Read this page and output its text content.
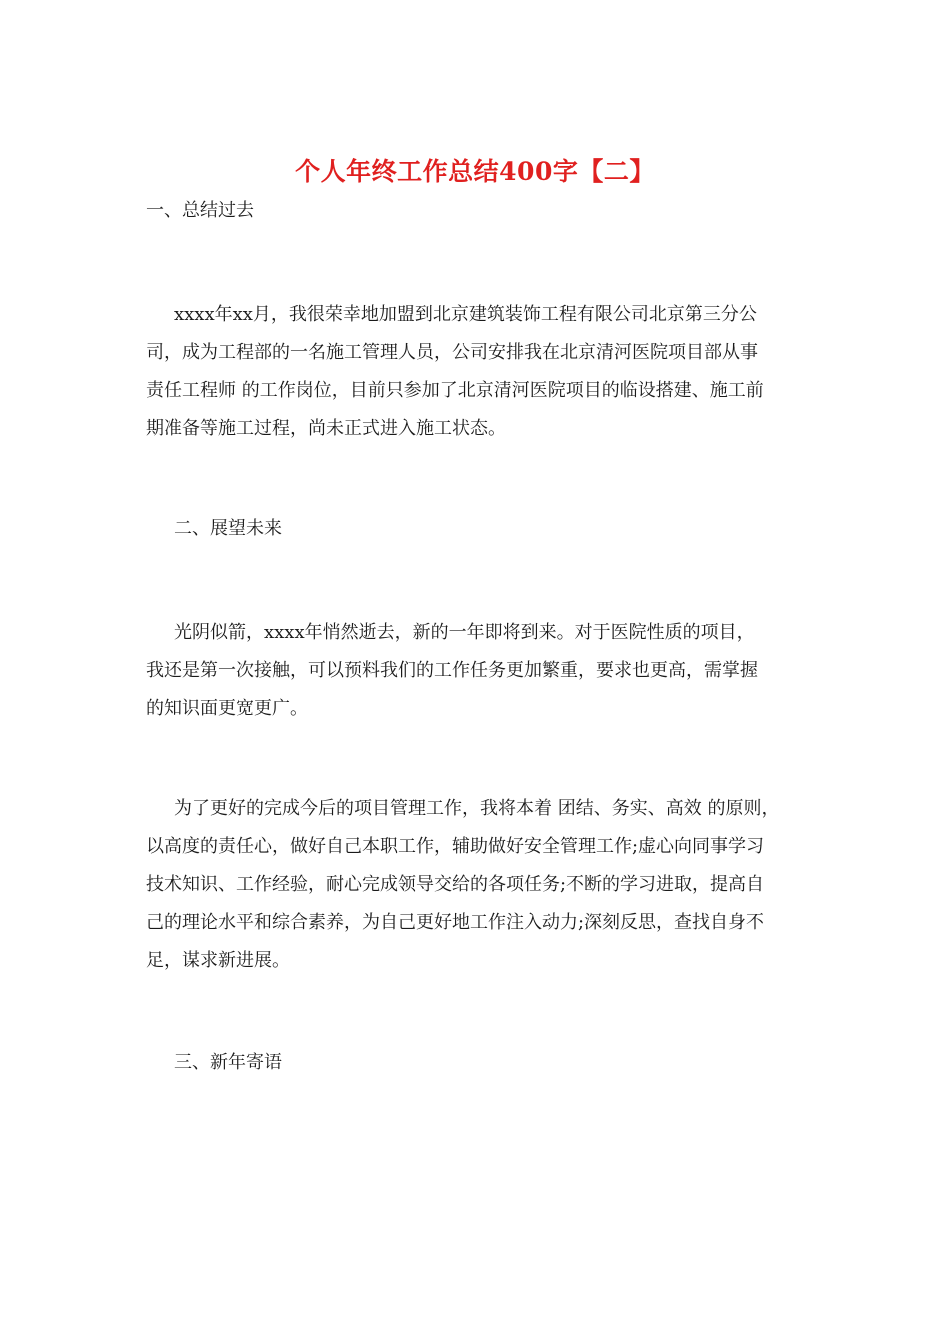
个人年终工作总结400字【二】
一、总结过去
xxxx年xx月，我很荣幸地加盟到北京建筑装饰工程有限公司北京第三分公
司，成为工程部的一名施工管理人员，公司安排我在北京清河医院项目部从事
责任工程师 的工作岗位，目前只参加了北京清河医院项目的临设搭建、施工前
期准备等施工过程，尚未正式进入施工状态。
二、展望未来
光阴似箭，xxxx年悄然逝去，新的一年即将到来。对于医院性质的项目，
我还是第一次接触，可以预料我们的工作任务更加繁重，要求也更高，需掌握
的知识面更宽更广。
为了更好的完成今后的项目管理工作，我将本着 团结、务实、高效 的原则，
以高度的责任心，做好自己本职工作，辅助做好安全管理工作;虚心向同事学习
技术知识、工作经验，耐心完成领导交给的各项任务;不断的学习进取，提高自
己的理论水平和综合素养，为自己更好地工作注入动力;深刻反思，查找自身不
足，谋求新进展。
三、新年寄语
